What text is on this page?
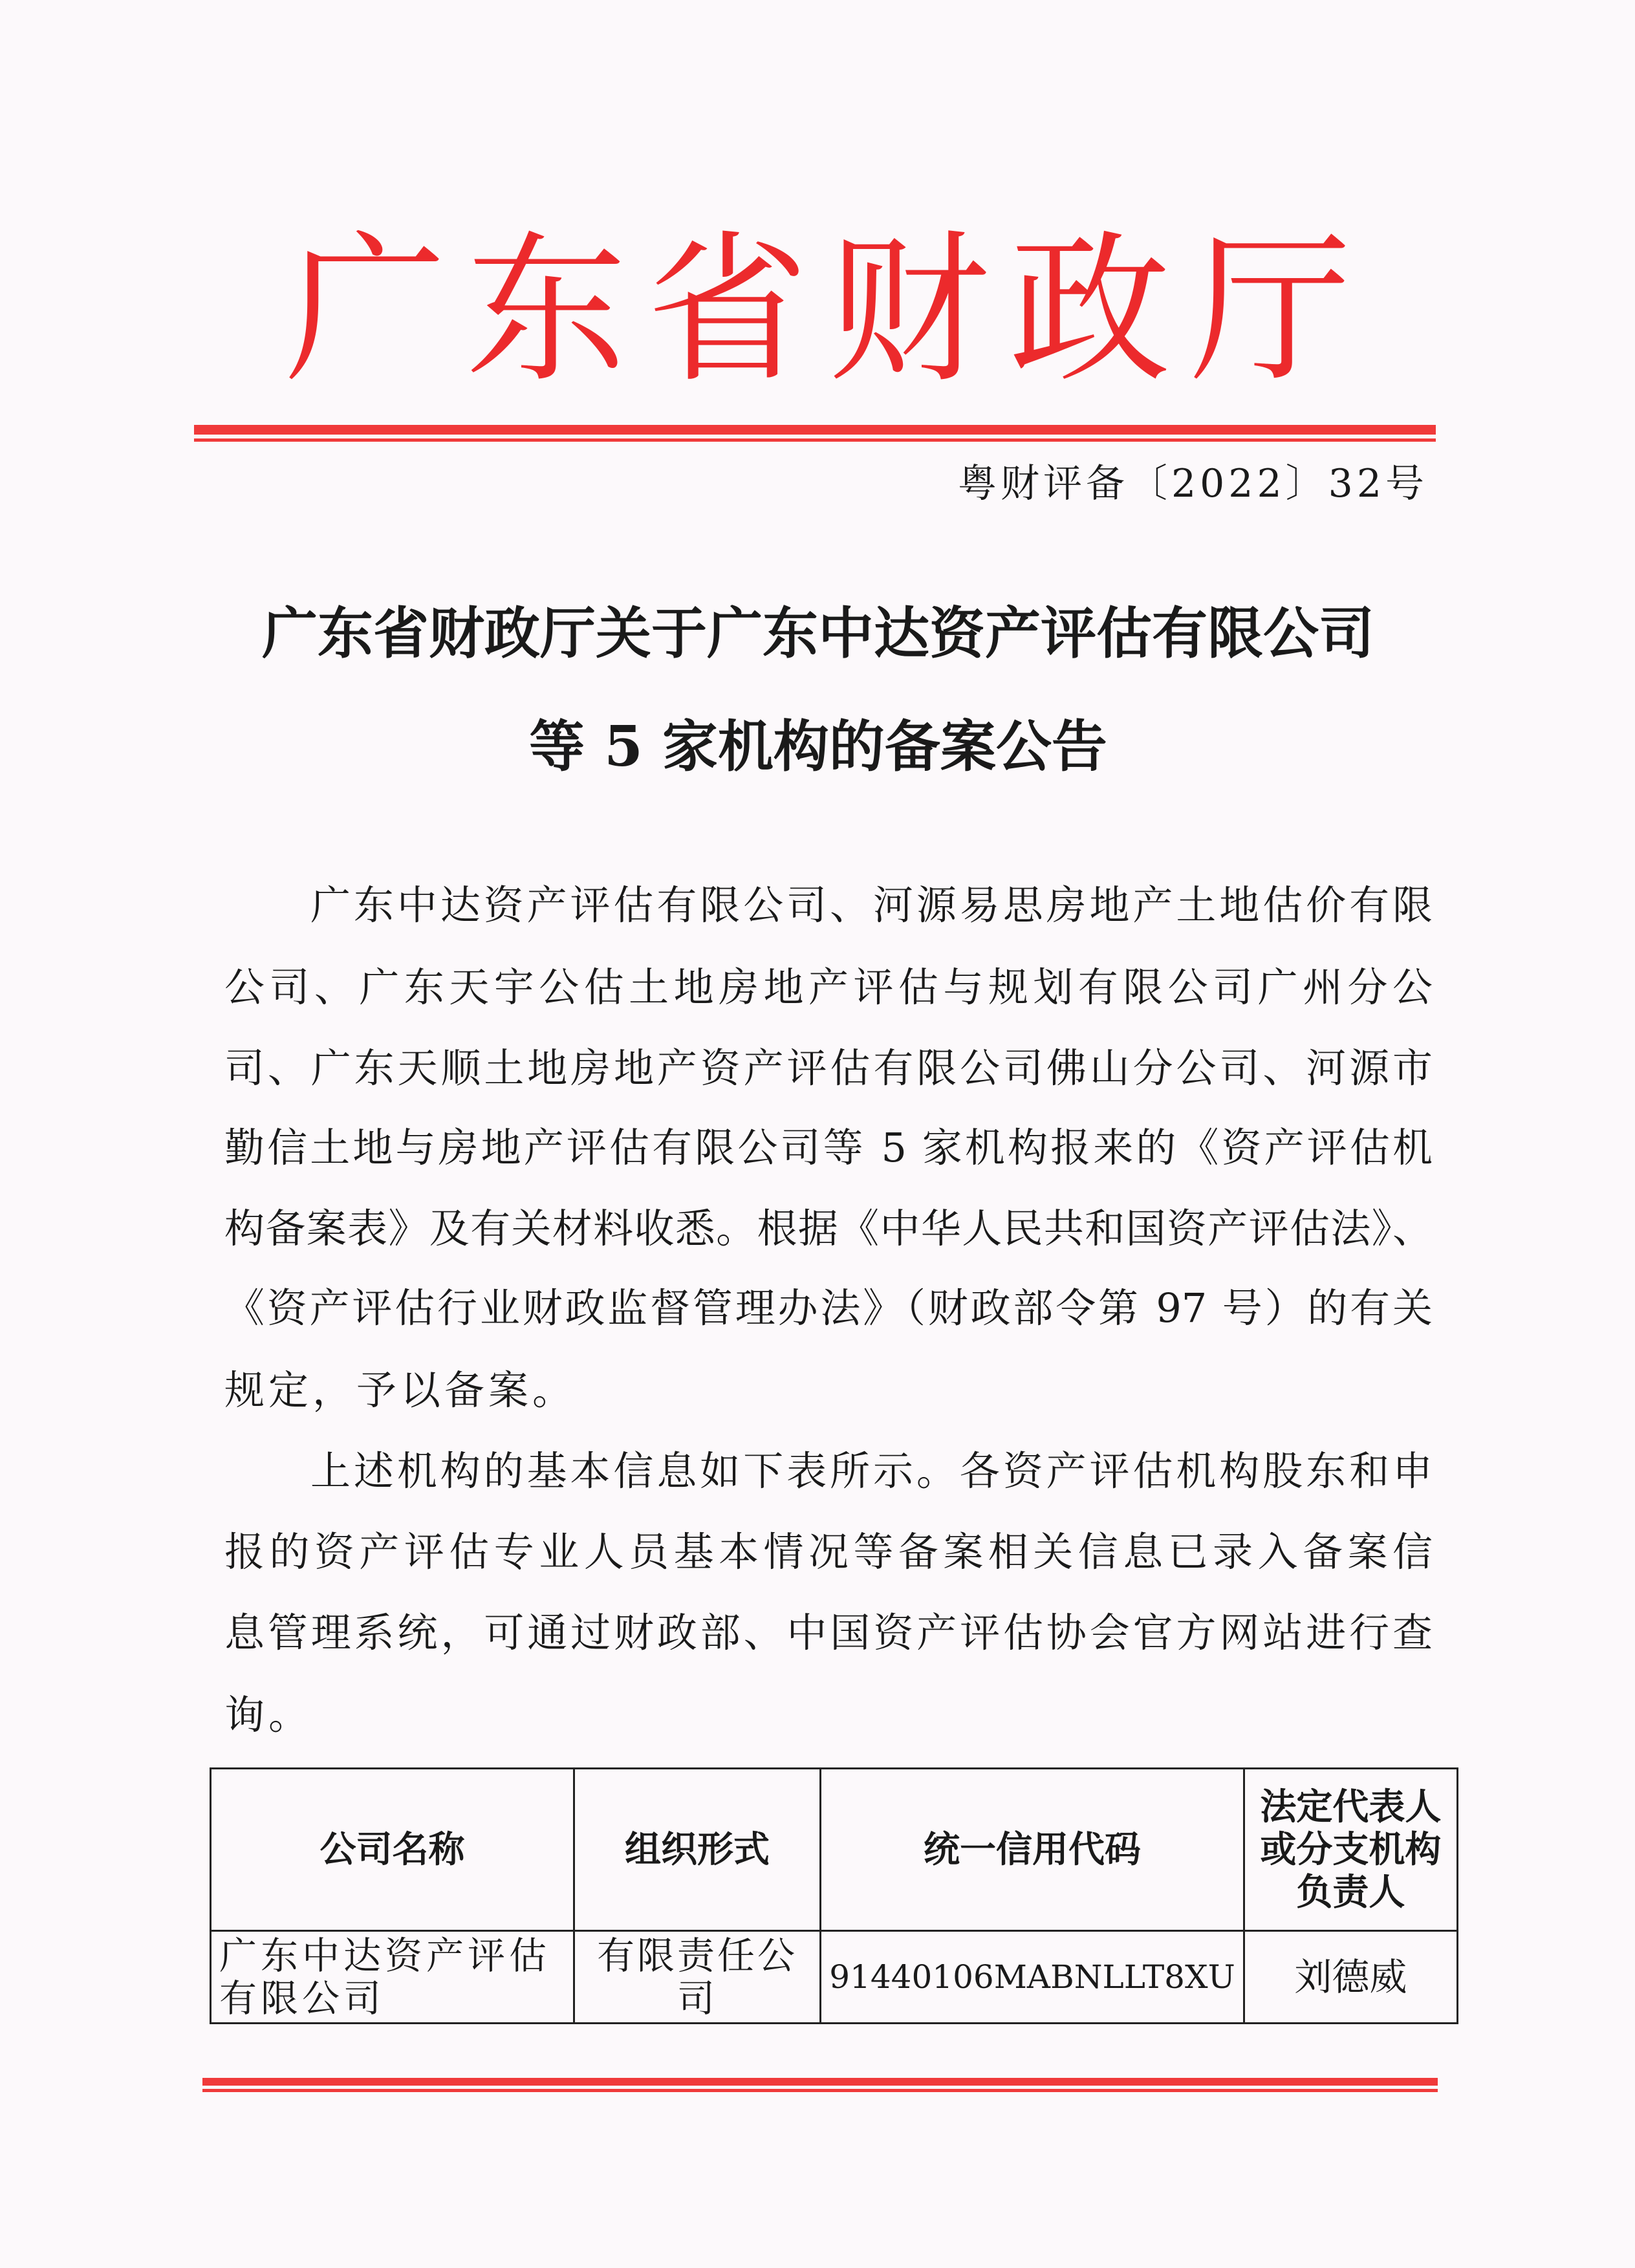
广东省财政厅
粤财评备〔2022〕32号
广东省财政厅关于广东中达资产评估有限公司
等 5 家机构的备案公告
广东中达资产评估有限公司、河源易思房地产土地估价有限
公司、广东天宇公估土地房地产评估与规划有限公司广州分公
司、广东天顺土地房地产资产评估有限公司佛山分公司、河源市
勤信土地与房地产评估有限公司等 5 家机构报来的《资产评估机
构备案表》及有关材料收悉。根据《中华人民共和国资产评估法》、
《资产评估行业财政监督管理办法》（财政部令第 97 号）的有关
规定，予以备案。
上述机构的基本信息如下表所示。各资产评估机构股东和申
报的资产评估专业人员基本情况等备案相关信息已录入备案信
息管理系统，可通过财政部、中国资产评估协会官方网站进行查
询。
公司名称	组织形式	统一信用代码	法定代表人或分支机构负责人
广东中达资产评估有限公司	有限责任公司	91440106MABNLLT8XU	刘德威
